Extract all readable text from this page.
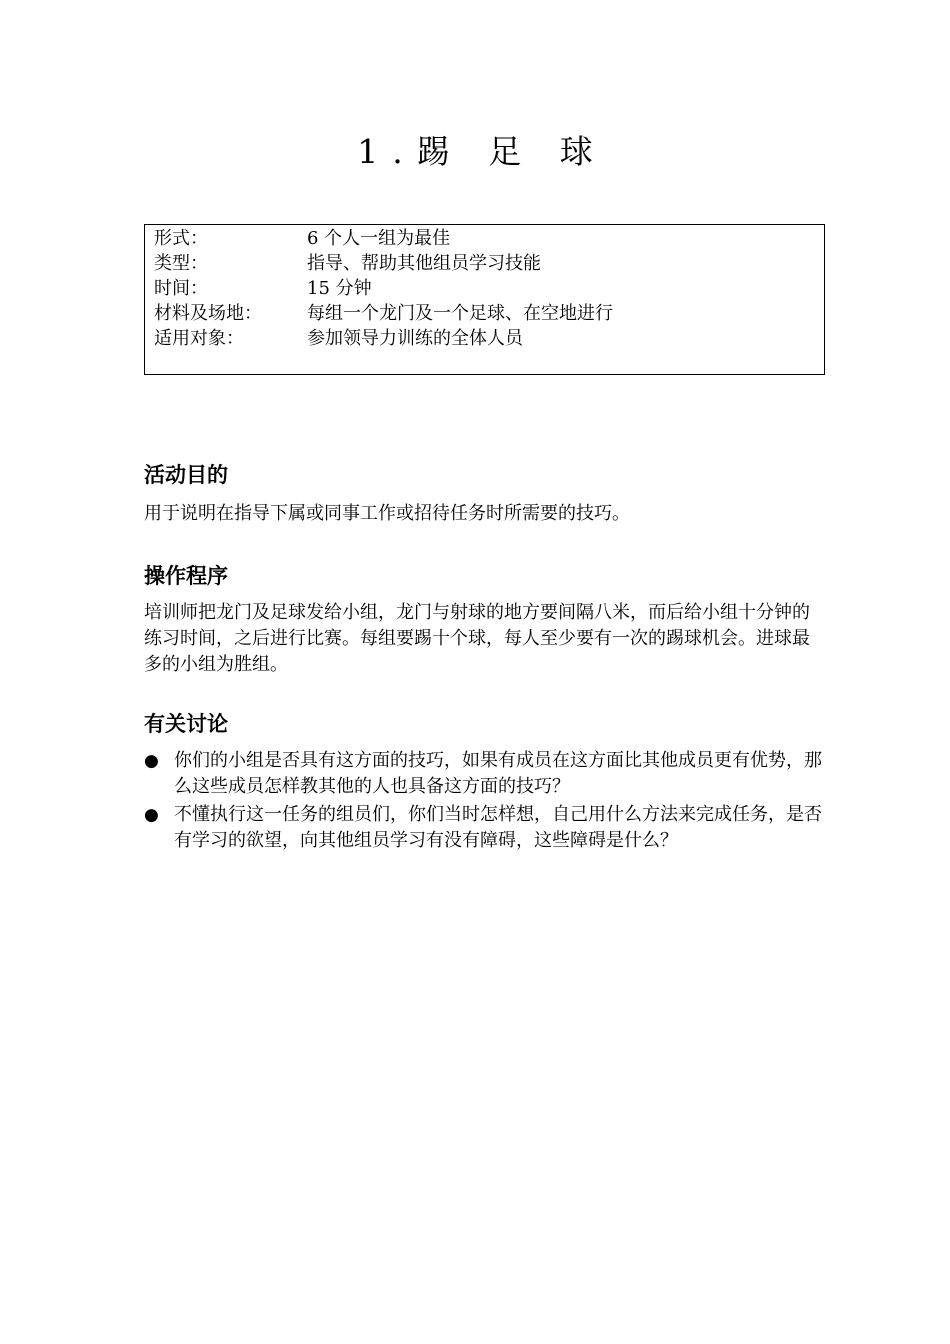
1.踢 足 球
形式：	6 个人一组为最佳
类型：	指导、帮助其他组员学习技能
时间：	15 分钟
材料及场地：	每组一个龙门及一个足球、在空地进行
适用对象：	参加领导力训练的全体人员
活动目的

用于说明在指导下属或同事工作或招待任务时所需要的技巧。

操作程序

培训师把龙门及足球发给小组，龙门与射球的地方要间隔八米，而后给小组十分钟的练习时间，之后进行比赛。每组要踢十个球，每人至少要有一次的踢球机会。进球最多的小组为胜组。

有关讨论
● 你们的小组是否具有这方面的技巧，如果有成员在这方面比其他成员更有优势，那么这些成员怎样教其他的人也具备这方面的技巧？
● 不懂执行这一任务的组员们，你们当时怎样想，自己用什么方法来完成任务，是否有学习的欲望，向其他组员学习有没有障碍，这些障碍是什么？
